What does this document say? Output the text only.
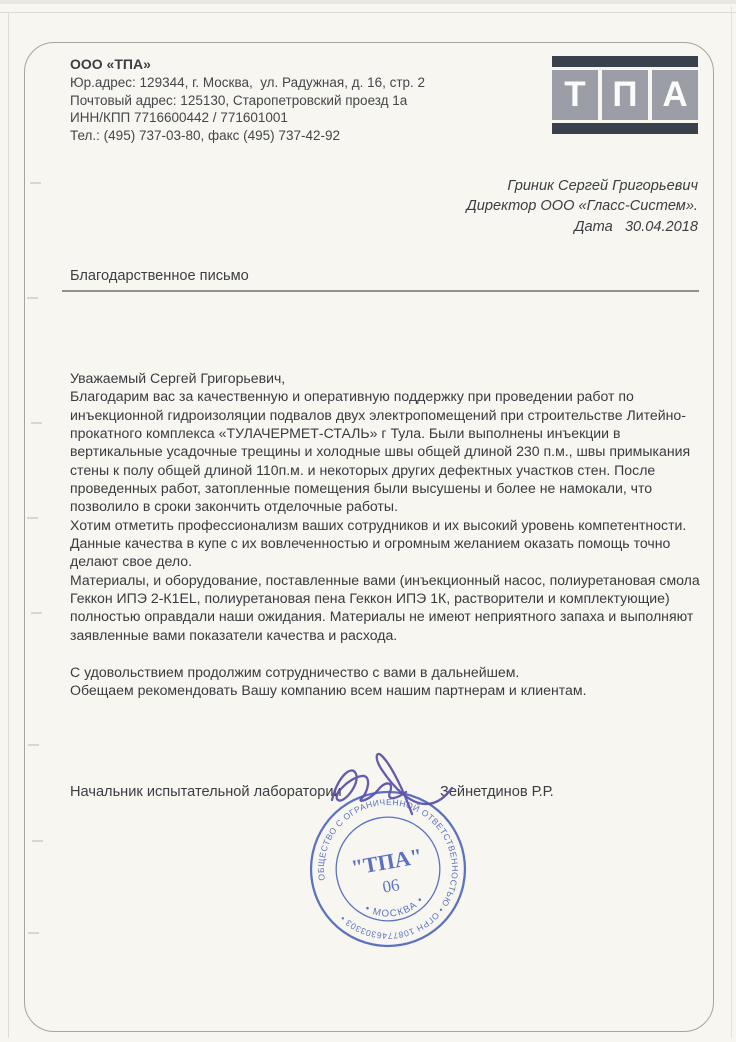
ООО «ТПА»
Юр.адрес: 129344, г. Москва,  ул. Радужная, д. 16, стр. 2
Почтовый адрес: 125130, Старопетровский проезд 1а
ИНН/КПП 7716600442 / 771601001
Тел.: (495) 737-03-80, факс (495) 737-42-92
Т П А
Гриник Сергей Григорьевич
Директор ООО «Гласс-Систем».
Дата   30.04.2018
Благодарственное письмо
Уважаемый Сергей Григорьевич,
Благодарим вас за качественную и оперативную поддержку при проведении работ по
инъекционной гидроизоляции подвалов двух электропомещений при строительстве Литейно-
прокатного комплекса «ТУЛАЧЕРМЕТ-СТАЛЬ» г Тула. Были выполнены инъекции в
вертикальные усадочные трещины и холодные швы общей длиной 230 п.м., швы примыкания
стены к полу общей длиной 110п.м. и некоторых других дефектных участков стен. После
проведенных работ, затопленные помещения были высушены и более не намокали, что
позволило в сроки закончить отделочные работы.
Хотим отметить профессионализм ваших сотрудников и их высокий уровень компетентности.
Данные качества в купе с их вовлеченностью и огромным желанием оказать помощь точно
делают свое дело.
Материалы, и оборудование, поставленные вами (инъекционный насос, полиуретановая смола
Геккон ИПЭ 2-К1EL, полиуретановая пена Геккон ИПЭ 1К, растворители и комплектующие)
полностью оправдали наши ожидания. Материалы не имеют неприятного запаха и выполняют
заявленные вами показатели качества и расхода.
С удовольствием продолжим сотрудничество с вами в дальнейшем.
Обещаем рекомендовать Вашу компанию всем нашим партнерам и клиентам.
Начальник испытательной лаборатории	Зейнетдинов Р.Р.
ОБЩЕСТВО С ОГРАНИЧЕННОЙ ОТВЕТСТВЕННОСТЬЮ • ОГРН 1087746303303 •
• МОСКВА •
"ТПА"
06
